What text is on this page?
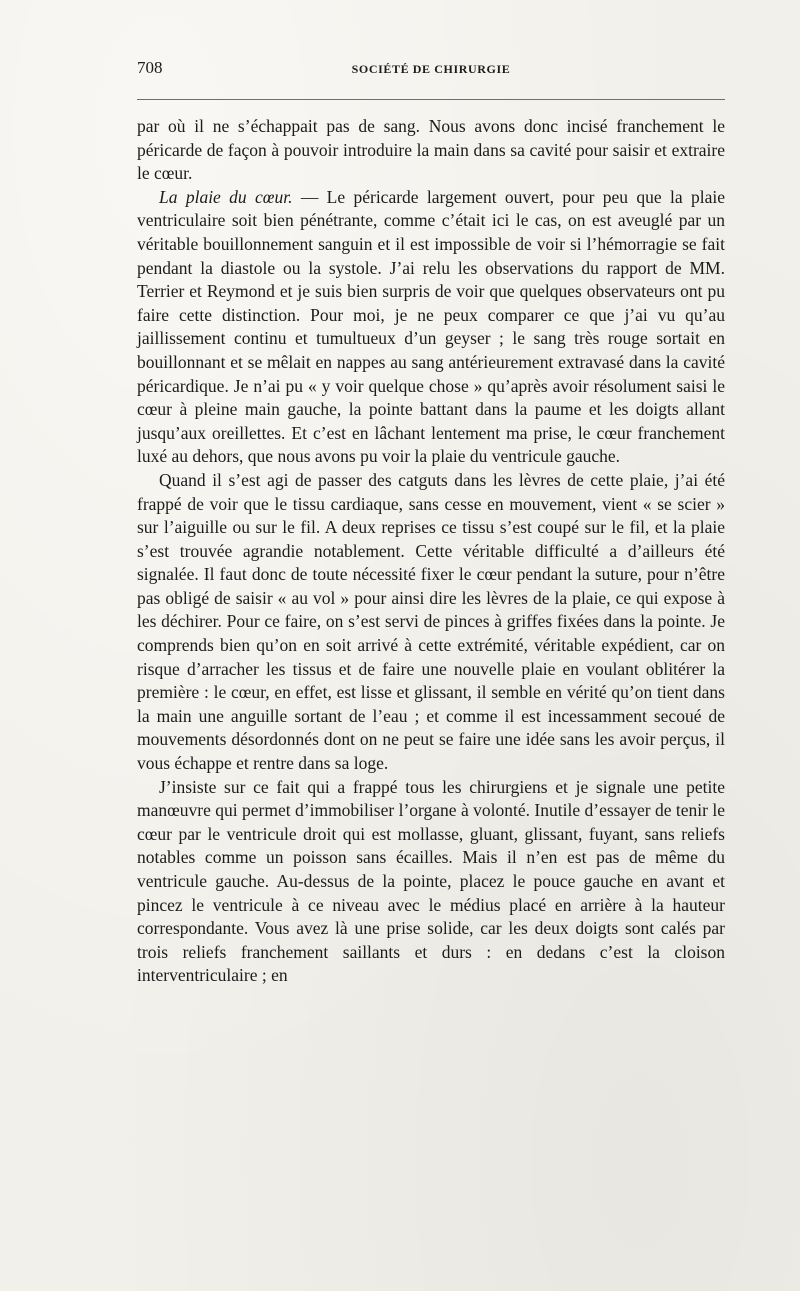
708	SOCIÉTÉ DE CHIRURGIE

par où il ne s’échappait pas de sang. Nous avons donc incisé franchement le péricarde de façon à pouvoir introduire la main dans sa cavité pour saisir et extraire le cœur.

La plaie du cœur. — Le péricarde largement ouvert, pour peu que la plaie ventriculaire soit bien pénétrante, comme c’était ici le cas, on est aveuglé par un véritable bouillonnement sanguin et il est impossible de voir si l’hémorragie se fait pendant la diastole ou la systole. J’ai relu les observations du rapport de MM. Terrier et Reymond et je suis bien surpris de voir que quelques observateurs ont pu faire cette distinction. Pour moi, je ne peux comparer ce que j’ai vu qu’au jaillissement continu et tumultueux d’un geyser ; le sang très rouge sortait en bouillonnant et se mêlait en nappes au sang antérieurement extravasé dans la cavité péricardique. Je n’ai pu « y voir quelque chose » qu’après avoir résolument saisi le cœur à pleine main gauche, la pointe battant dans la paume et les doigts allant jusqu’aux oreillettes. Et c’est en lâchant lentement ma prise, le cœur franchement luxé au dehors, que nous avons pu voir la plaie du ventricule gauche.

Quand il s’est agi de passer des catguts dans les lèvres de cette plaie, j’ai été frappé de voir que le tissu cardiaque, sans cesse en mouvement, vient « se scier » sur l’aiguille ou sur le fil. A deux reprises ce tissu s’est coupé sur le fil, et la plaie s’est trouvée agrandie notablement. Cette véritable difficulté a d’ailleurs été signalée. Il faut donc de toute nécessité fixer le cœur pendant la suture, pour n’être pas obligé de saisir « au vol » pour ainsi dire les lèvres de la plaie, ce qui expose à les déchirer. Pour ce faire, on s’est servi de pinces à griffes fixées dans la pointe. Je comprends bien qu’on en soit arrivé à cette extrémité, véritable expédient, car on risque d’arracher les tissus et de faire une nouvelle plaie en voulant oblitérer la première : le cœur, en effet, est lisse et glissant, il semble en vérité qu’on tient dans la main une anguille sortant de l’eau ; et comme il est incessamment secoué de mouvements désordonnés dont on ne peut se faire une idée sans les avoir perçus, il vous échappe et rentre dans sa loge.

J’insiste sur ce fait qui a frappé tous les chirurgiens et je signale une petite manœuvre qui permet d’immobiliser l’organe à volonté. Inutile d’essayer de tenir le cœur par le ventricule droit qui est mollasse, gluant, glissant, fuyant, sans reliefs notables comme un poisson sans écailles. Mais il n’en est pas de même du ventricule gauche. Au-dessus de la pointe, placez le pouce gauche en avant et pincez le ventricule à ce niveau avec le médius placé en arrière à la hauteur correspondante. Vous avez là une prise solide, car les deux doigts sont calés par trois reliefs franchement saillants et durs : en dedans c’est la cloison interventriculaire ; en
